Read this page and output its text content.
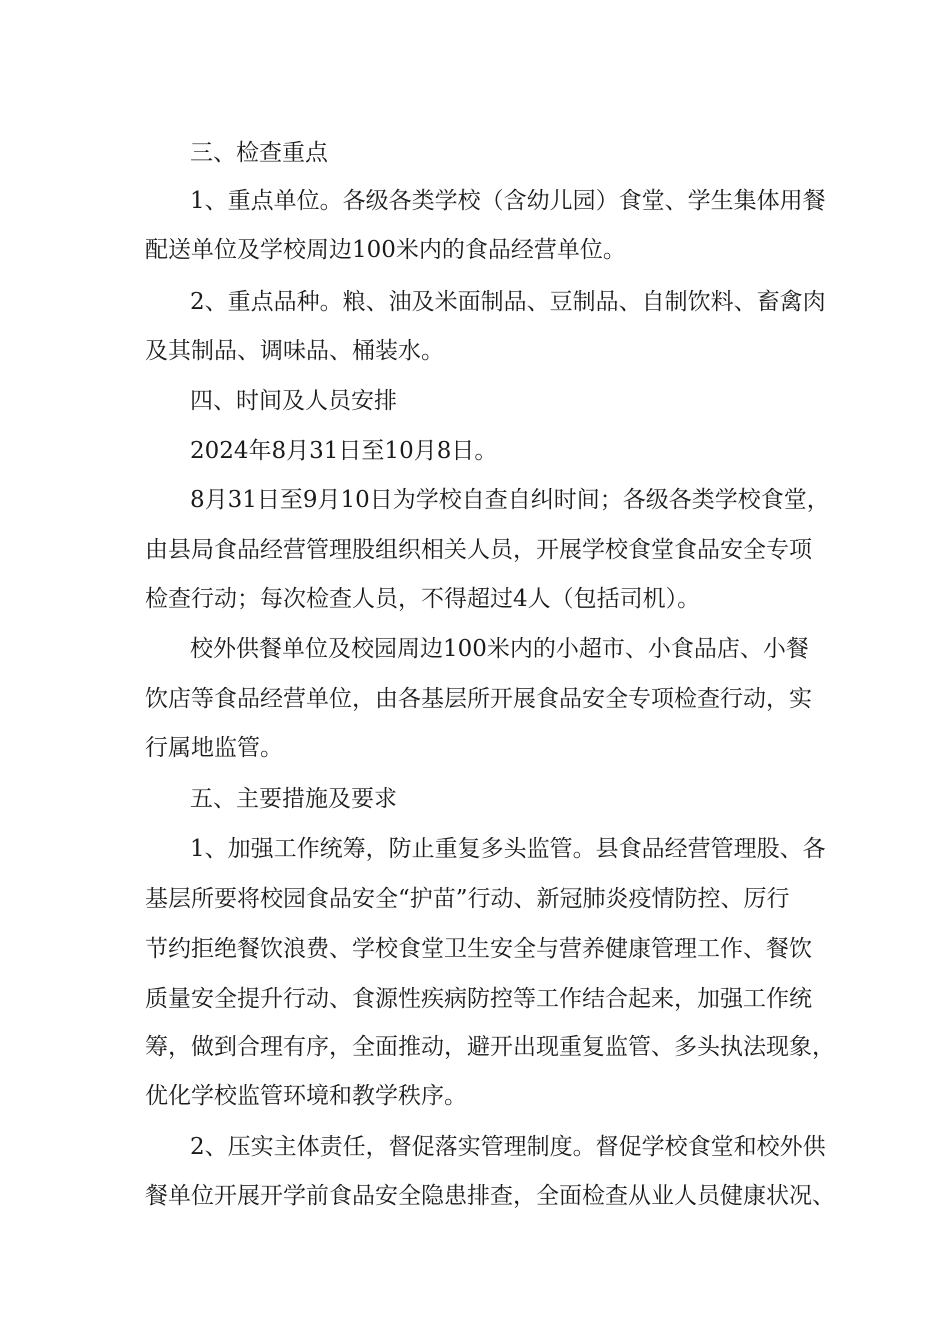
三、检查重点
1、重点单位。各级各类学校（含幼儿园）食堂、学生集体用餐
配送单位及学校周边100米内的食品经营单位。
2、重点品种。粮、油及米面制品、豆制品、自制饮料、畜禽肉
及其制品、调味品、桶装水。
四、时间及人员安排
2024年8月31日至10月8日。
8月31日至9月10日为学校自查自纠时间；各级各类学校食堂，
由县局食品经营管理股组织相关人员，开展学校食堂食品安全专项
检查行动；每次检查人员，不得超过4人（包括司机）。
校外供餐单位及校园周边100米内的小超市、小食品店、小餐
饮店等食品经营单位，由各基层所开展食品安全专项检查行动，实
行属地监管。
五、主要措施及要求
1、加强工作统筹，防止重复多头监管。县食品经营管理股、各
基层所要将校园食品安全“护苗”行动、新冠肺炎疫情防控、厉行
节约拒绝餐饮浪费、学校食堂卫生安全与营养健康管理工作、餐饮
质量安全提升行动、食源性疾病防控等工作结合起来，加强工作统
筹，做到合理有序，全面推动，避开出现重复监管、多头执法现象，
优化学校监管环境和教学秩序。
2、压实主体责任，督促落实管理制度。督促学校食堂和校外供
餐单位开展开学前食品安全隐患排查，全面检查从业人员健康状况、
